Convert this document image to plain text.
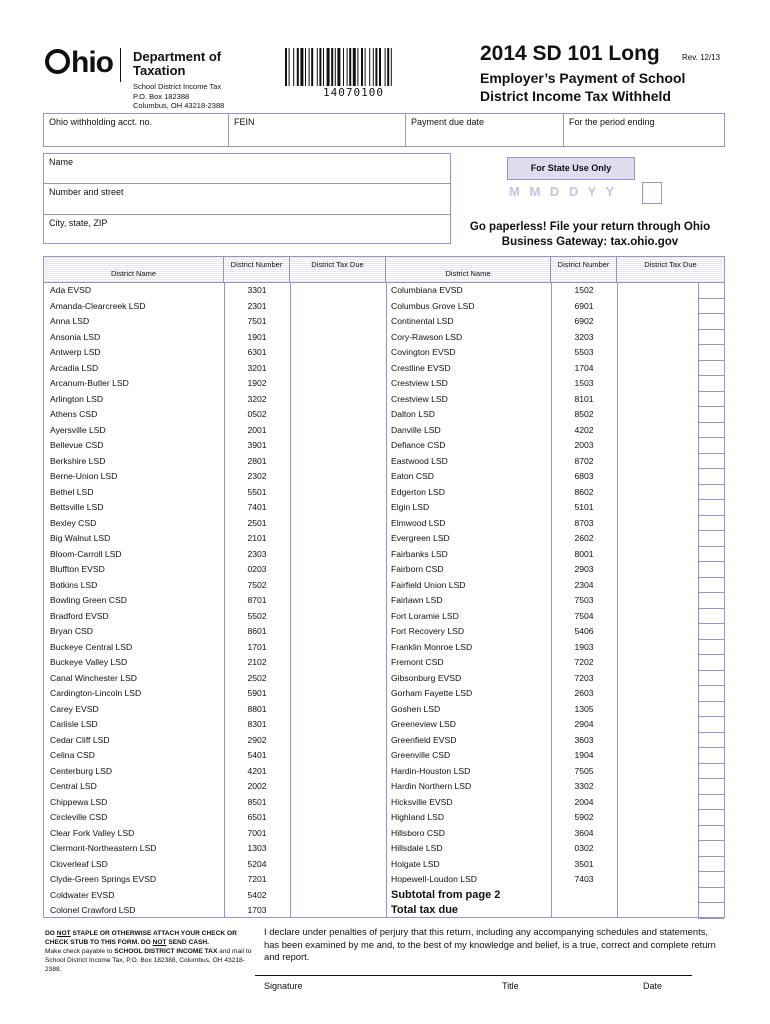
hio Department of
Taxation
School District Income Tax
P.O. Box 182388
Columbus, OH 43218-2388
14070100
2014 SD 101 Long	Rev. 12/13
Employer’s Payment of School
District Income Tax Withheld
Ohio withholding acct. no.	FEIN	Payment due date	For the period ending
Name
Number and street
City, state, ZIP
For State Use Only
M M D D Y Y
Go paperless! File your return through Ohio
Business Gateway: tax.ohio.gov
District Name
District Number	District Tax Due
District Name
District Number	District Tax Due
Ada EVSD	3301	Columbiana EVSD	1502
Amanda-Clearcreek LSD	2301	Columbus Grove LSD	6901
Anna LSD	7501	Continental LSD	6902
Ansonia LSD	1901	Cory-Rawson LSD	3203
Antwerp LSD	6301	Covington EVSD	5503
Arcadia LSD	3201	Crestline EVSD	1704
Arcanum-Butler LSD	1902	Crestview LSD	1503
Arlington LSD	3202	Crestview LSD	8101
Athens CSD	0502	Dalton LSD	8502
Ayersville LSD	2001	Danville LSD	4202
Bellevue CSD	3901	Defiance CSD	2003
Berkshire LSD	2801	Eastwood LSD	8702
Berne-Union LSD	2302	Eaton CSD	6803
Bethel LSD	5501	Edgerton LSD	8602
Bettsville LSD	7401	Elgin LSD	5101
Bexley CSD	2501	Elmwood LSD	8703
Big Walnut LSD	2101	Evergreen LSD	2602
Bloom-Carroll LSD	2303	Fairbanks LSD	8001
Bluffton EVSD	0203	Fairborn CSD	2903
Botkins LSD	7502	Fairfield Union LSD	2304
Bowling Green CSD	8701	Fairlawn LSD	7503
Bradford EVSD	5502	Fort Loramie LSD	7504
Bryan CSD	8601	Fort Recovery LSD	5406
Buckeye Central LSD	1701	Franklin Monroe LSD	1903
Buckeye Valley LSD	2102	Fremont CSD	7202
Canal Winchester LSD	2502	Gibsonburg EVSD	7203
Cardington-Lincoln LSD	5901	Gorham Fayette LSD	2603
Carey EVSD	8801	Goshen LSD	1305
Carlisle LSD	8301	Greeneview LSD	2904
Cedar Cliff LSD	2902	Greenfield EVSD	3603
Celina CSD	5401	Greenville CSD	1904
Centerburg LSD	4201	Hardin-Houston LSD	7505
Central LSD	2002	Hardin Northern LSD	3302
Chippewa LSD	8501	Hicksville EVSD	2004
Circleville CSD	6501	Highland LSD	5902
Clear Fork Valley LSD	7001	Hillsboro CSD	3604
Clermont-Northeastern LSD	1303	Hillsdale LSD	0302
Cloverleaf LSD	5204	Holgate LSD	3501
Clyde-Green Springs EVSD	7201	Hopewell-Loudon LSD	7403
Coldwater EVSD	5402	Subtotal from page 2
Colonel Crawford LSD	1703	Total tax due
DO NOT STAPLE OR OTHERWISE ATTACH YOUR CHECK OR CHECK STUB TO THIS FORM. DO NOT SEND CASH.
Make check payable to SCHOOL DISTRICT INCOME TAX and mail to School District Income Tax, P.O. Box 182388, Columbus, OH 43218-2388.
I declare under penalties of perjury that this return, including any accompanying schedules and statements, has been examined by me and, to the best of my knowledge and belief, is a true, correct and complete return and report.
Signature	Title	Date
